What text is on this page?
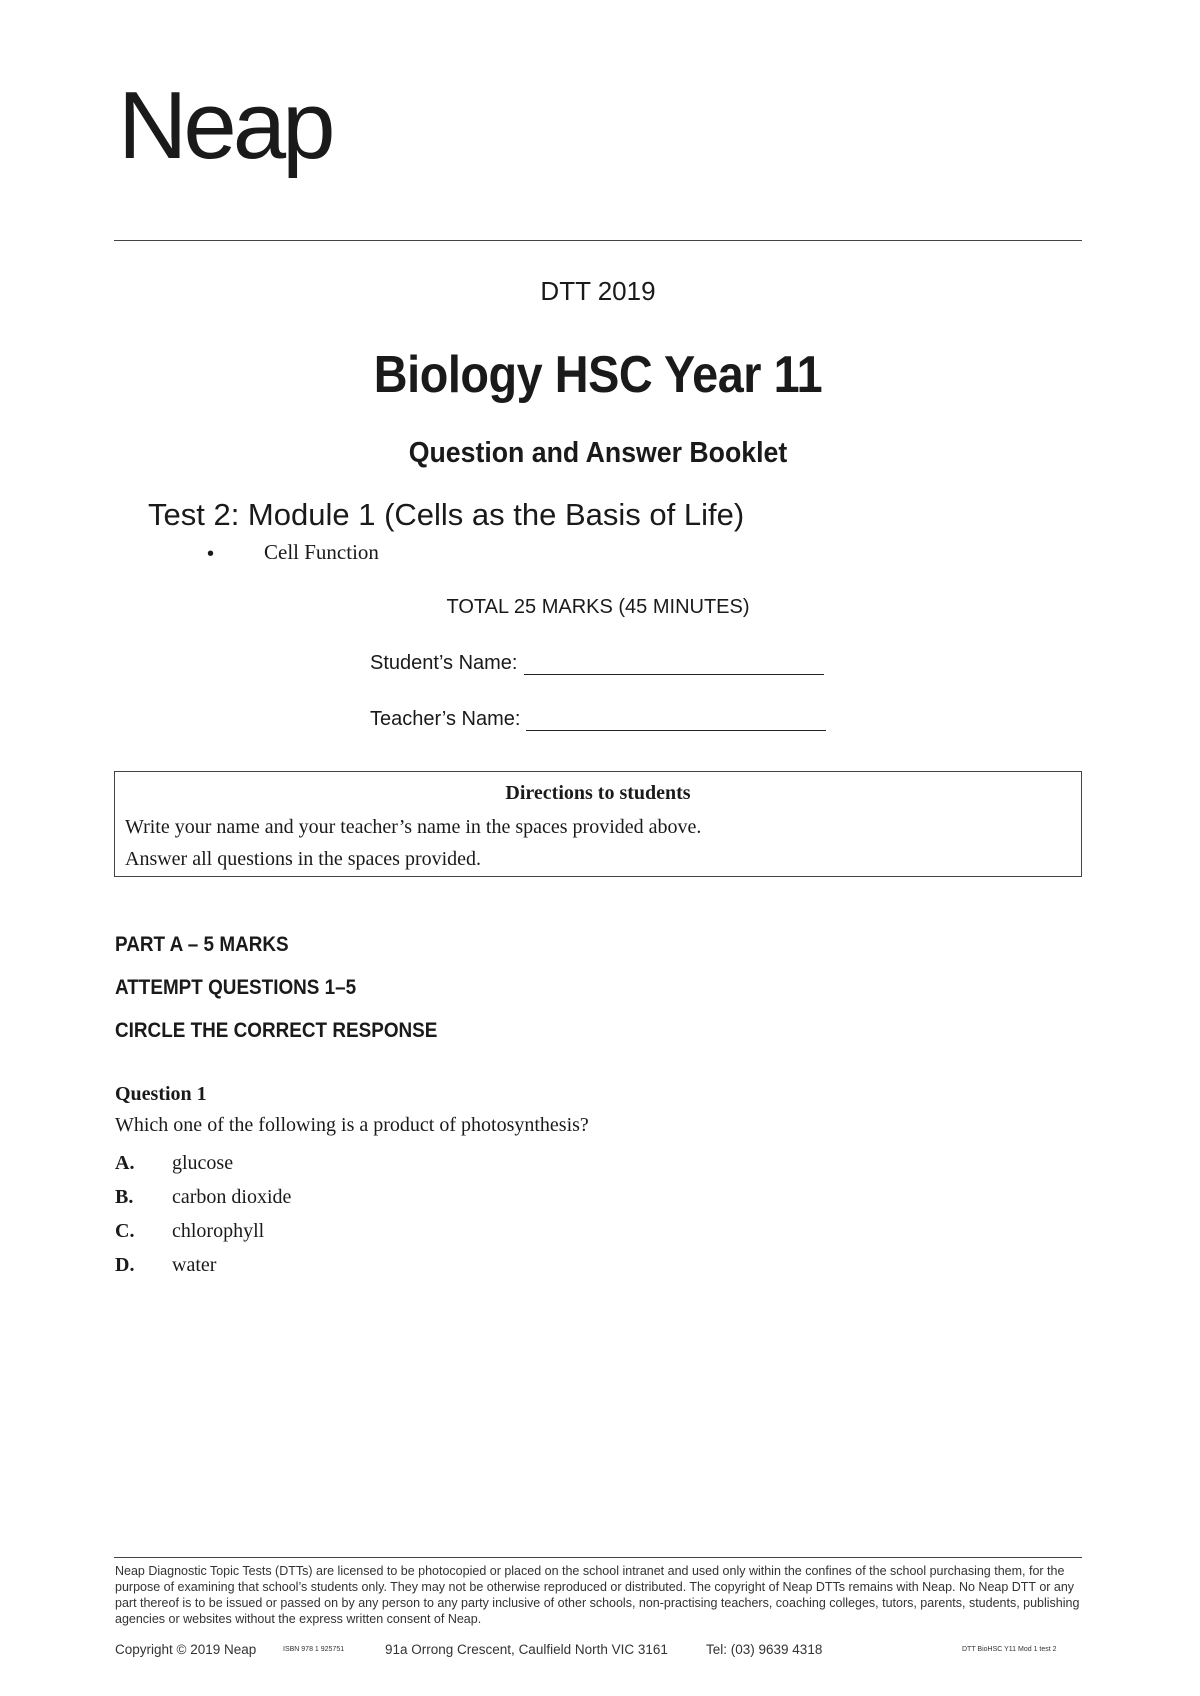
Neap
DTT 2019
Biology HSC Year 11
Question and Answer Booklet
Test 2: Module 1 (Cells as the Basis of Life)
• Cell Function
TOTAL 25 MARKS (45 MINUTES)
Student’s Name:
Teacher’s Name:
Directions to students
Write your name and your teacher’s name in the spaces provided above.
Answer all questions in the spaces provided.
PART A – 5 MARKS
ATTEMPT QUESTIONS 1–5
CIRCLE THE CORRECT RESPONSE
Question 1
Which one of the following is a product of photosynthesis?
A. glucose
B. carbon dioxide
C. chlorophyll
D. water
Neap Diagnostic Topic Tests (DTTs) are licensed to be photocopied or placed on the school intranet and used only within the confines of the school purchasing them, for the purpose of examining that school’s students only. They may not be otherwise reproduced or distributed. The copyright of Neap DTTs remains with Neap. No Neap DTT or any part thereof is to be issued or passed on by any person to any party inclusive of other schools, non-practising teachers, coaching colleges, tutors, parents, students, publishing agencies or websites without the express written consent of Neap.
Copyright © 2019 Neap	ISBN 978 1 925751	91a Orrong Crescent, Caulfield North VIC 3161	Tel: (03) 9639 4318	DTT BioHSC Y11 Mod 1 test 2
